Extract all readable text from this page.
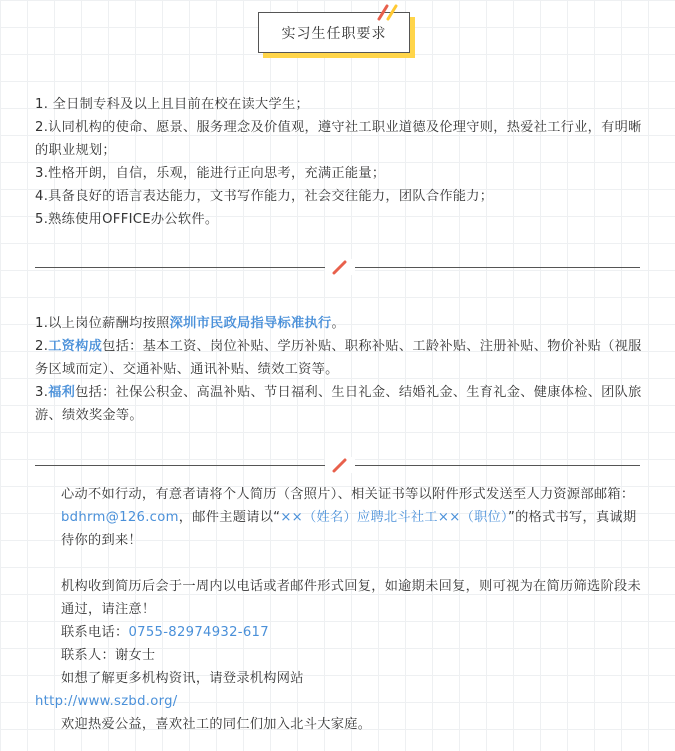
实习生任职要求

1. 全日制专科及以上且目前在校在读大学生；

2.认同机构的使命、愿景、服务理念及价值观，遵守社工职业道德及伦理守则，热爱社工行业，有明晰的职业规划；

3.性格开朗，自信，乐观，能进行正向思考，充满正能量；

4.具备良好的语言表达能力，文书写作能力，社会交往能力，团队合作能力；

5.熟练使用OFFICE办公软件。

1.以上岗位薪酬均按照深圳市民政局指导标准执行。

2.工资构成包括：基本工资、岗位补贴、学历补贴、职称补贴、工龄补贴、注册补贴、物价补贴（视服务区域而定）、交通补贴、通讯补贴、绩效工资等。

3.福利包括：社保公积金、高温补贴、节日福利、生日礼金、结婚礼金、生育礼金、健康体检、团队旅游、绩效奖金等。

心动不如行动，有意者请将个人简历（含照片）、相关证书等以附件形式发送至人力资源部邮箱：bdhrm@126.com，邮件主题请以“××（姓名）应聘北斗社工××（职位）”的格式书写，真诚期待你的到来！

机构收到简历后会于一周内以电话或者邮件形式回复，如逾期未回复，则可视为在简历筛选阶段未通过，请注意！

联系电话：0755-82974932-617

联系人：谢女士

如想了解更多机构资讯，请登录机构网站

http://www.szbd.org/

欢迎热爱公益，喜欢社工的同仁们加入北斗大家庭。
